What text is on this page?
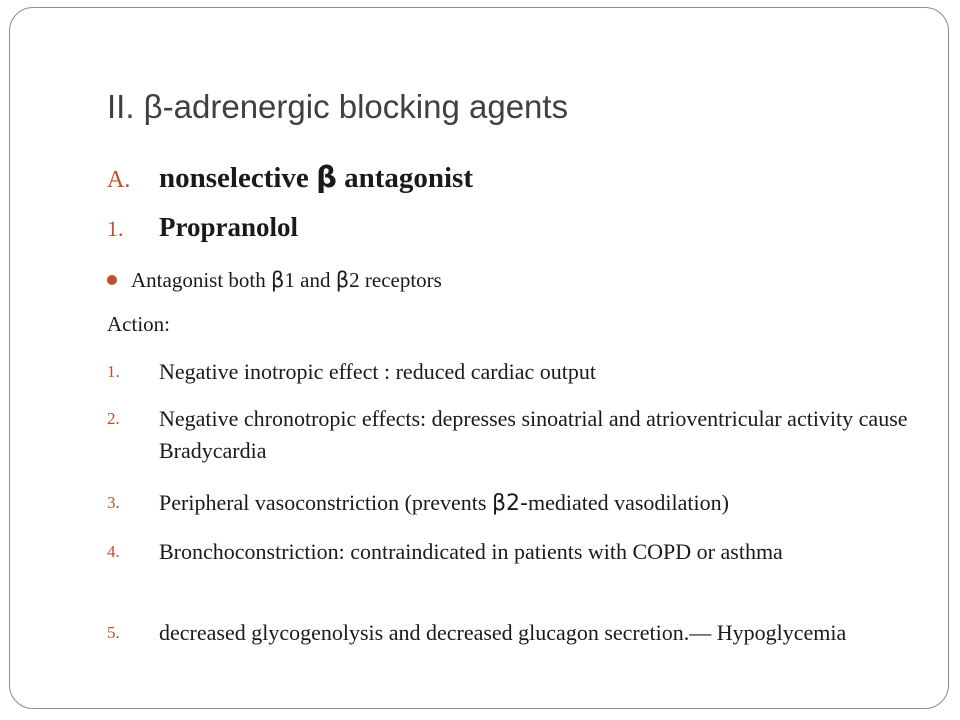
II. β-adrenergic blocking agents
A. nonselective β antagonist
1. Propranolol
Antagonist both β1 and β2 receptors
Action:
1. Negative inotropic effect : reduced cardiac output
2. Negative chronotropic effects: depresses sinoatrial and atrioventricular activity cause Bradycardia
3. Peripheral vasoconstriction (prevents β2-mediated vasodilation)
4. Bronchoconstriction: contraindicated in patients with COPD or asthma
5. decreased glycogenolysis and decreased glucagon secretion.— Hypoglycemia
